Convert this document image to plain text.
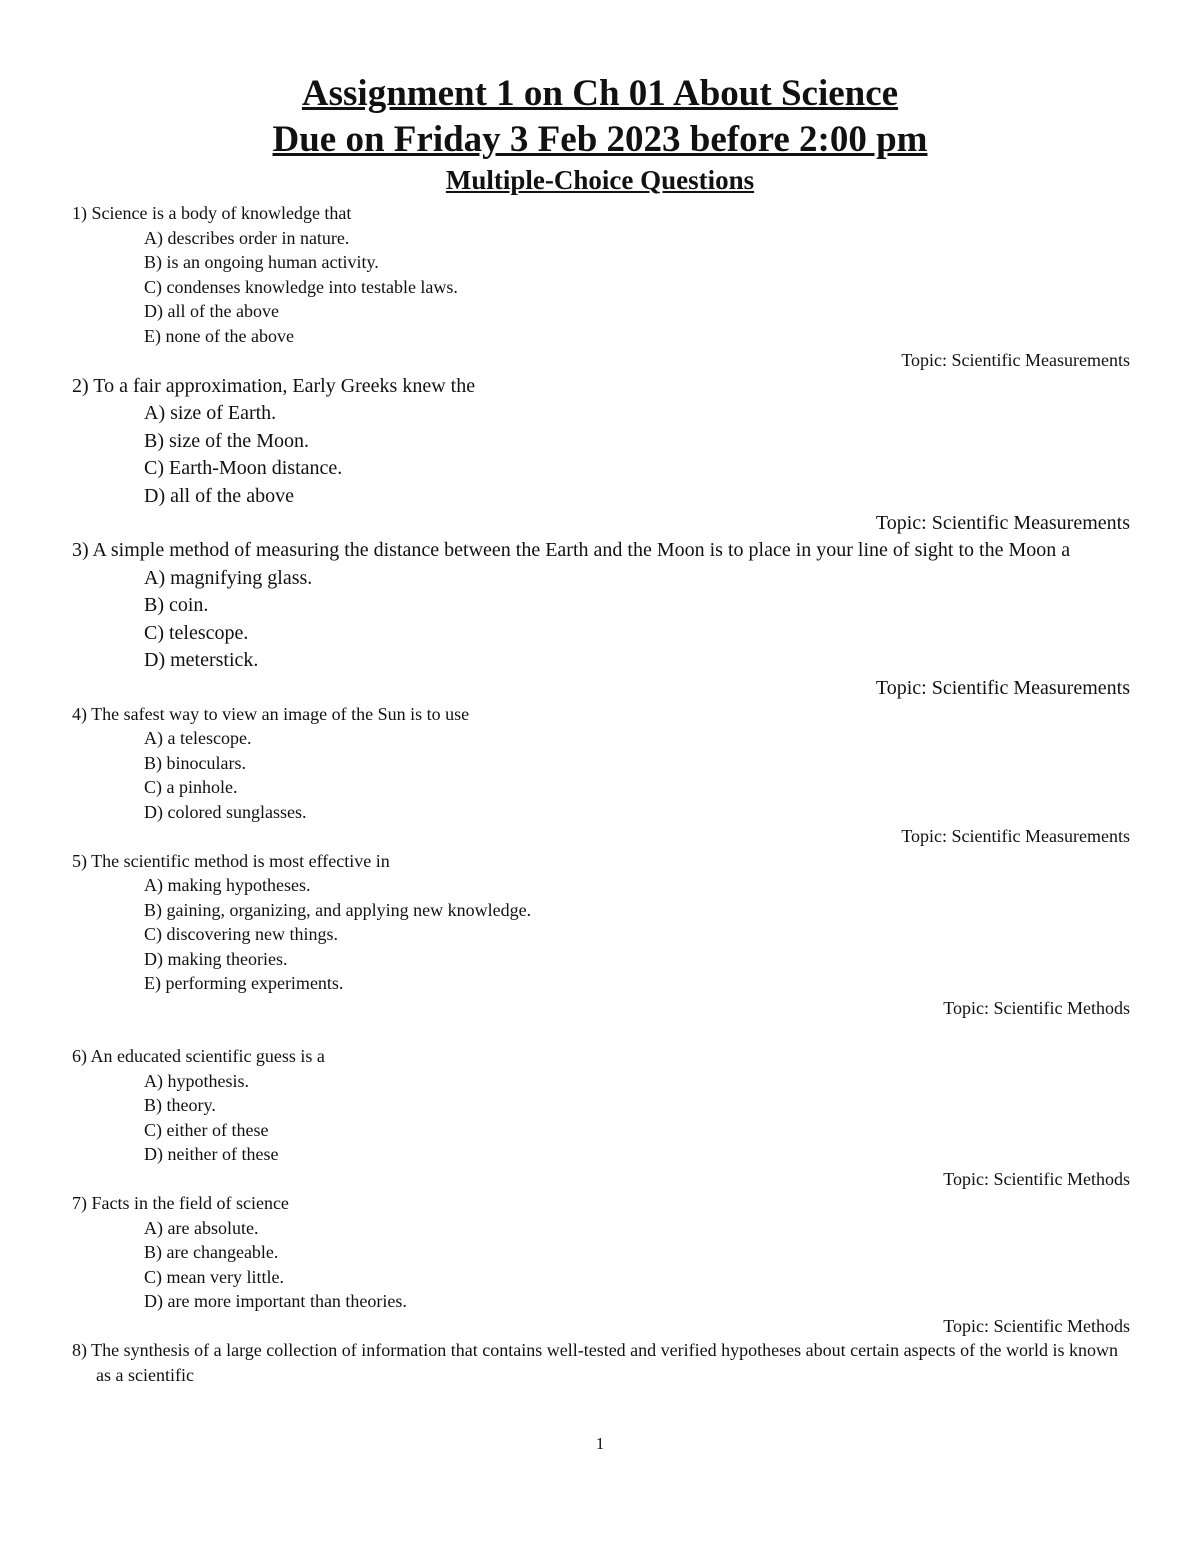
Assignment 1 on Ch 01 About Science
Due on Friday 3 Feb 2023 before 2:00 pm
Multiple-Choice Questions
1) Science is a body of knowledge that
A) describes order in nature.
B) is an ongoing human activity.
C) condenses knowledge into testable laws.
D) all of the above
E) none of the above
Topic: Scientific Measurements
2) To a fair approximation, Early Greeks knew the
A) size of Earth.
B) size of the Moon.
C) Earth-Moon distance.
D) all of the above
Topic: Scientific Measurements
3) A simple method of measuring the distance between the Earth and the Moon is to place in your line of sight to the Moon a
A) magnifying glass.
B) coin.
C) telescope.
D) meterstick.
Topic: Scientific Measurements
4) The safest way to view an image of the Sun is to use
A) a telescope.
B) binoculars.
C) a pinhole.
D) colored sunglasses.
Topic: Scientific Measurements
5) The scientific method is most effective in
A) making hypotheses.
B) gaining, organizing, and applying new knowledge.
C) discovering new things.
D) making theories.
E) performing experiments.
Topic: Scientific Methods
6) An educated scientific guess is a
A) hypothesis.
B) theory.
C) either of these
D) neither of these
Topic: Scientific Methods
7) Facts in the field of science
A) are absolute.
B) are changeable.
C) mean very little.
D) are more important than theories.
Topic: Scientific Methods
8) The synthesis of a large collection of information that contains well-tested and verified hypotheses about certain aspects of the world is known as a scientific
1
